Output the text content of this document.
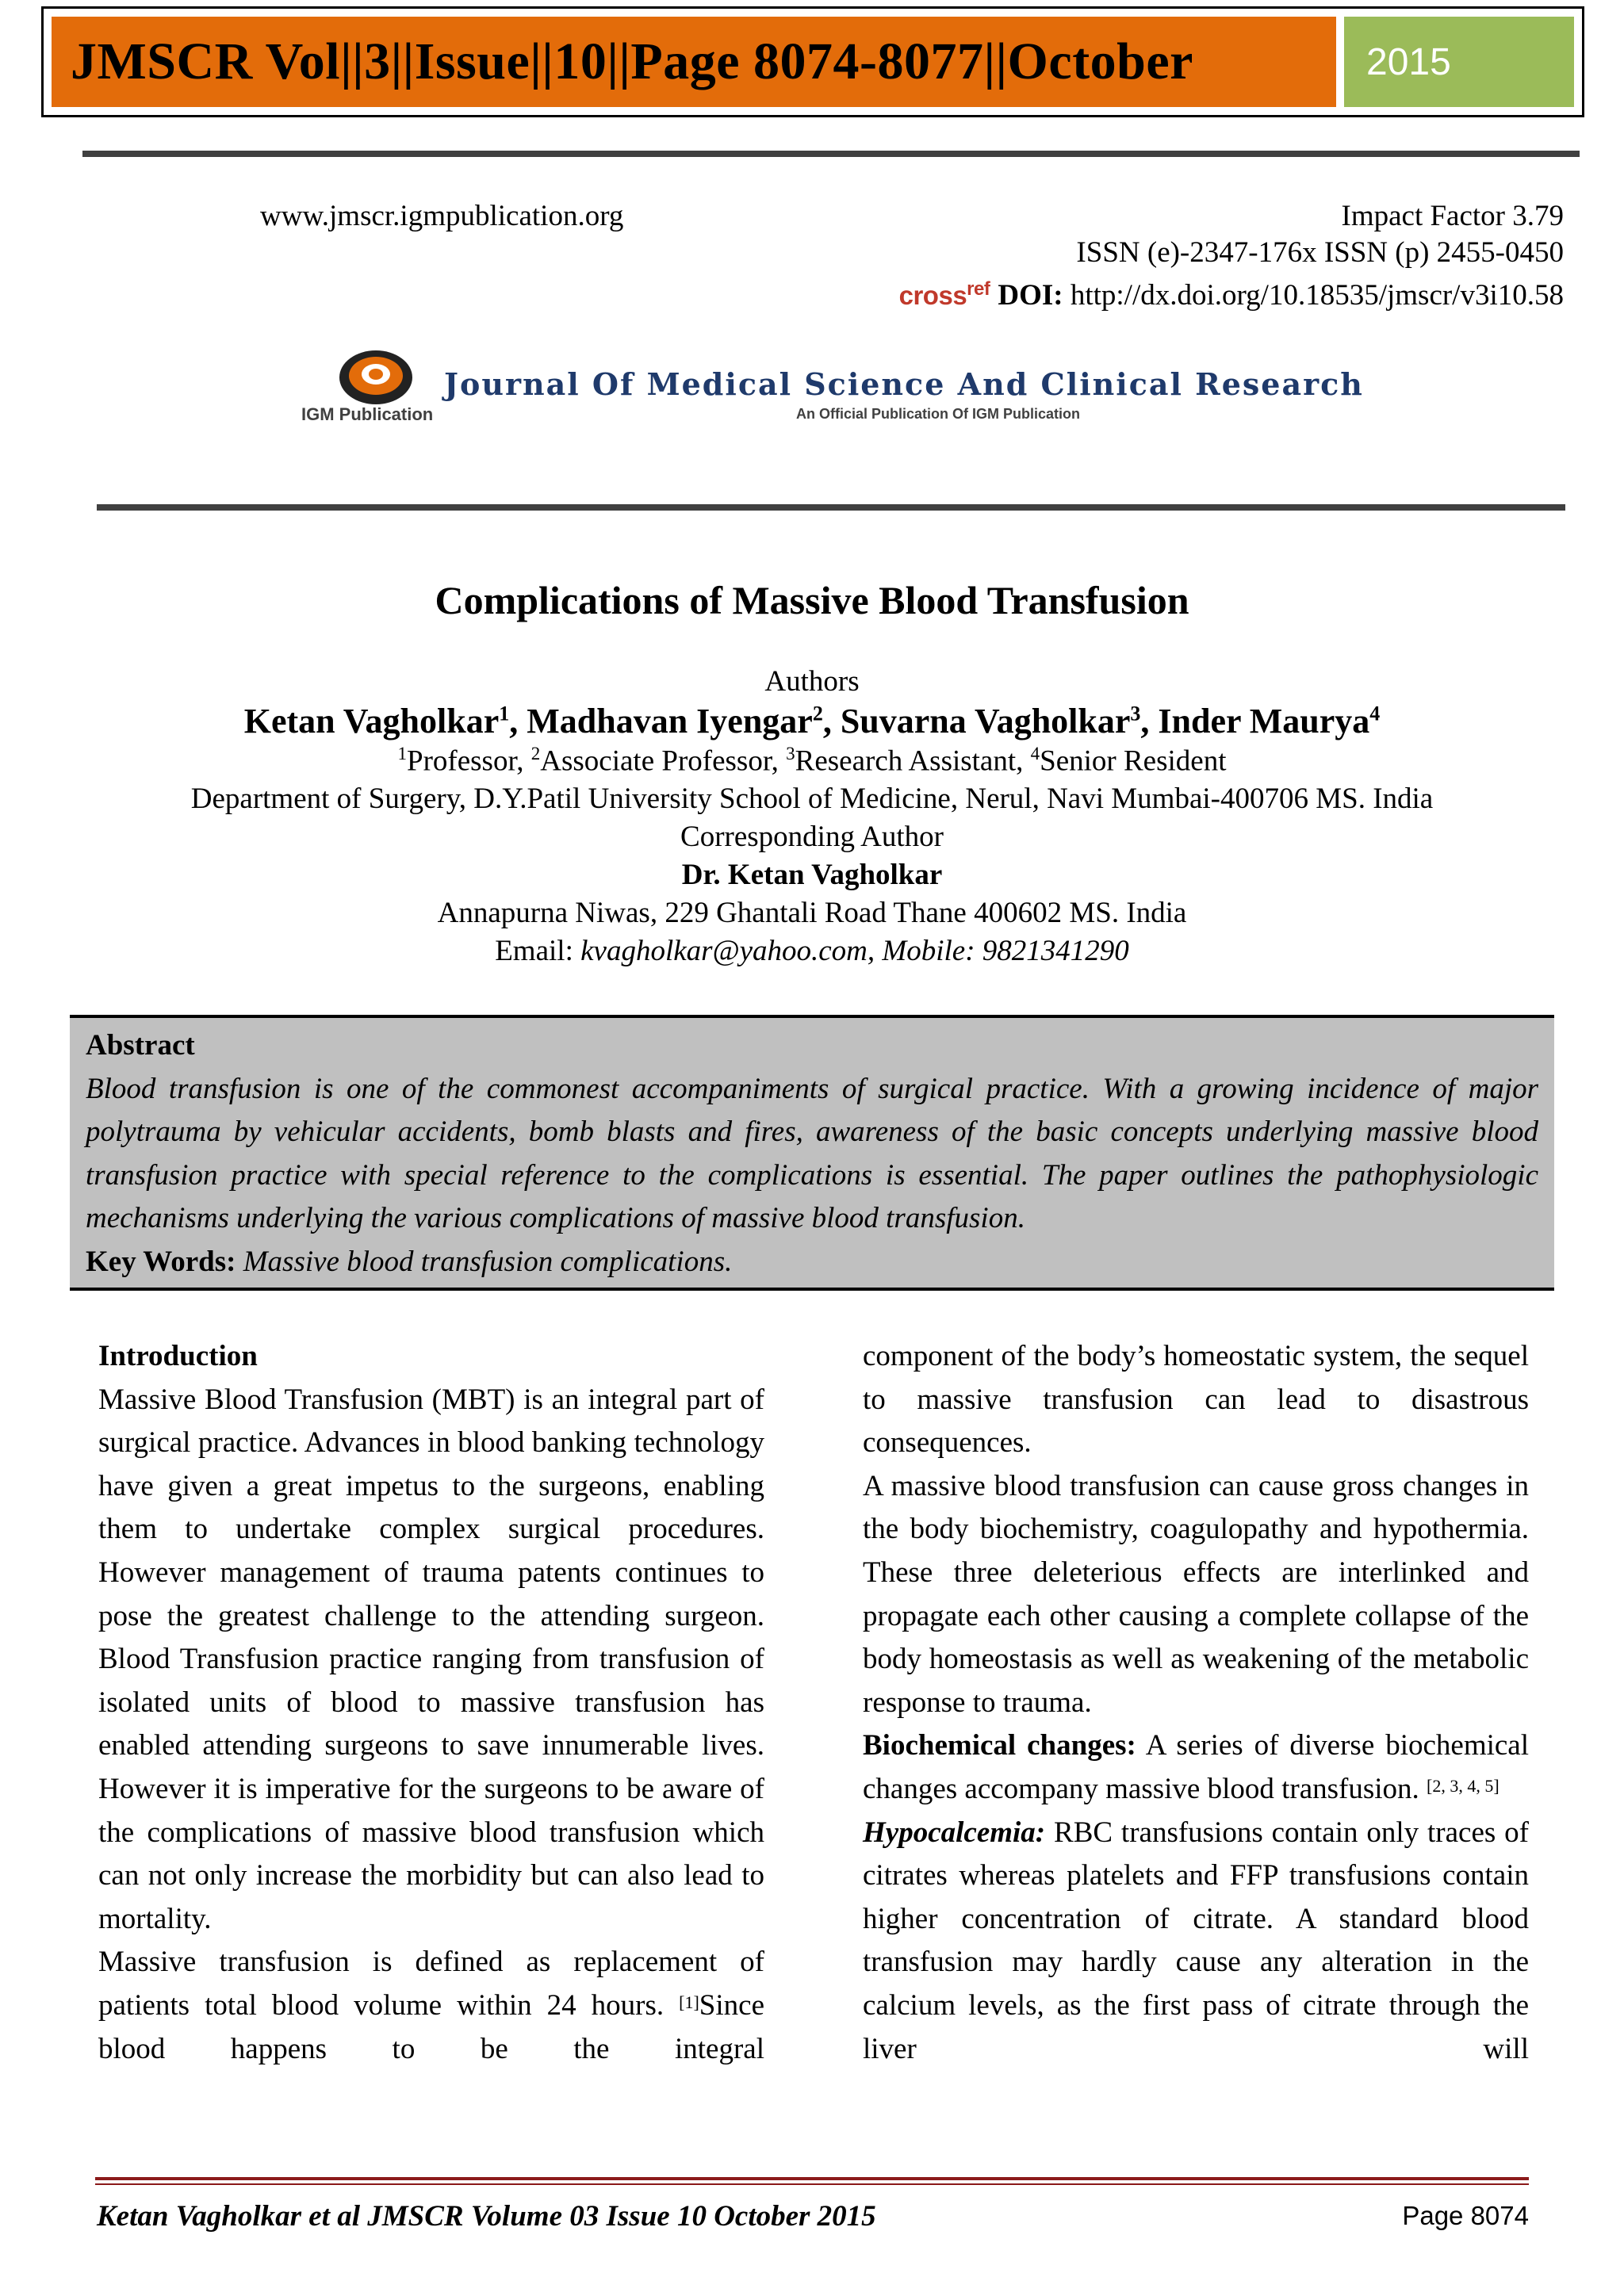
JMSCR Vol||3||Issue||10||Page 8074-8077||October	2015
www.jmscr.igmpublication.org	Impact Factor 3.79
ISSN (e)-2347-176x ISSN (p) 2455-0450
cross$^{ref}$ DOI: http://dx.doi.org/10.18535/jmscr/v3i10.58
IGM Publication
Journal Of Medical Science And Clinical Research
An Official Publication Of IGM Publication
Complications of Massive Blood Transfusion
Authors
Ketan Vagholkar$^1$, Madhavan Iyengar$^2$, Suvarna Vagholkar$^3$, Inder Maurya$^4$
$^1$Professor, $^2$Associate Professor, $^3$Research Assistant, $^4$Senior Resident
Department of Surgery, D.Y.Patil University School of Medicine, Nerul, Navi Mumbai-400706 MS. India
Corresponding Author
Dr. Ketan Vagholkar
Annapurna Niwas, 229 Ghantali Road Thane 400602 MS. India
Email: kvagholkar@yahoo.com, Mobile: 9821341290
Abstract
Blood transfusion is one of the commonest accompaniments of surgical practice. With a growing incidence of major polytrauma by vehicular accidents, bomb blasts and fires, awareness of the basic concepts underlying massive blood transfusion practice with special reference to the complications is essential. The paper outlines the pathophysiologic mechanisms underlying the various complications of massive blood transfusion.
Key Words: Massive blood transfusion complications.
Introduction

Massive Blood Transfusion (MBT) is an integral part of surgical practice. Advances in blood banking technology have given a great impetus to the surgeons, enabling them to undertake complex surgical procedures. However management of trauma patents continues to pose the greatest challenge to the attending surgeon. Blood Transfusion practice ranging from transfusion of isolated units of blood to massive transfusion has enabled attending surgeons to save innumerable lives. However it is imperative for the surgeons to be aware of the complications of massive blood transfusion which can not only increase the morbidity but can also lead to mortality.

Massive transfusion is defined as replacement of patients total blood volume within 24 hours. [1]Since blood happens to be the integral

component of the body’s homeostatic system, the sequel to massive transfusion can lead to disastrous consequences.

A massive blood transfusion can cause gross changes in the body biochemistry, coagulopathy and hypothermia. These three deleterious effects are interlinked and propagate each other causing a complete collapse of the body homeostasis as well as weakening of the metabolic response to trauma.

Biochemical changes: A series of diverse biochemical changes accompany massive blood transfusion. [2, 3, 4, 5]

Hypocalcemia: RBC transfusions contain only traces of citrates whereas platelets and FFP transfusions contain higher concentration of citrate. A standard blood transfusion may hardly cause any alteration in the calcium levels, as the first pass of citrate through the liver will

Ketan Vagholkar et al JMSCR Volume 03 Issue 10 October 2015	Page 8074
